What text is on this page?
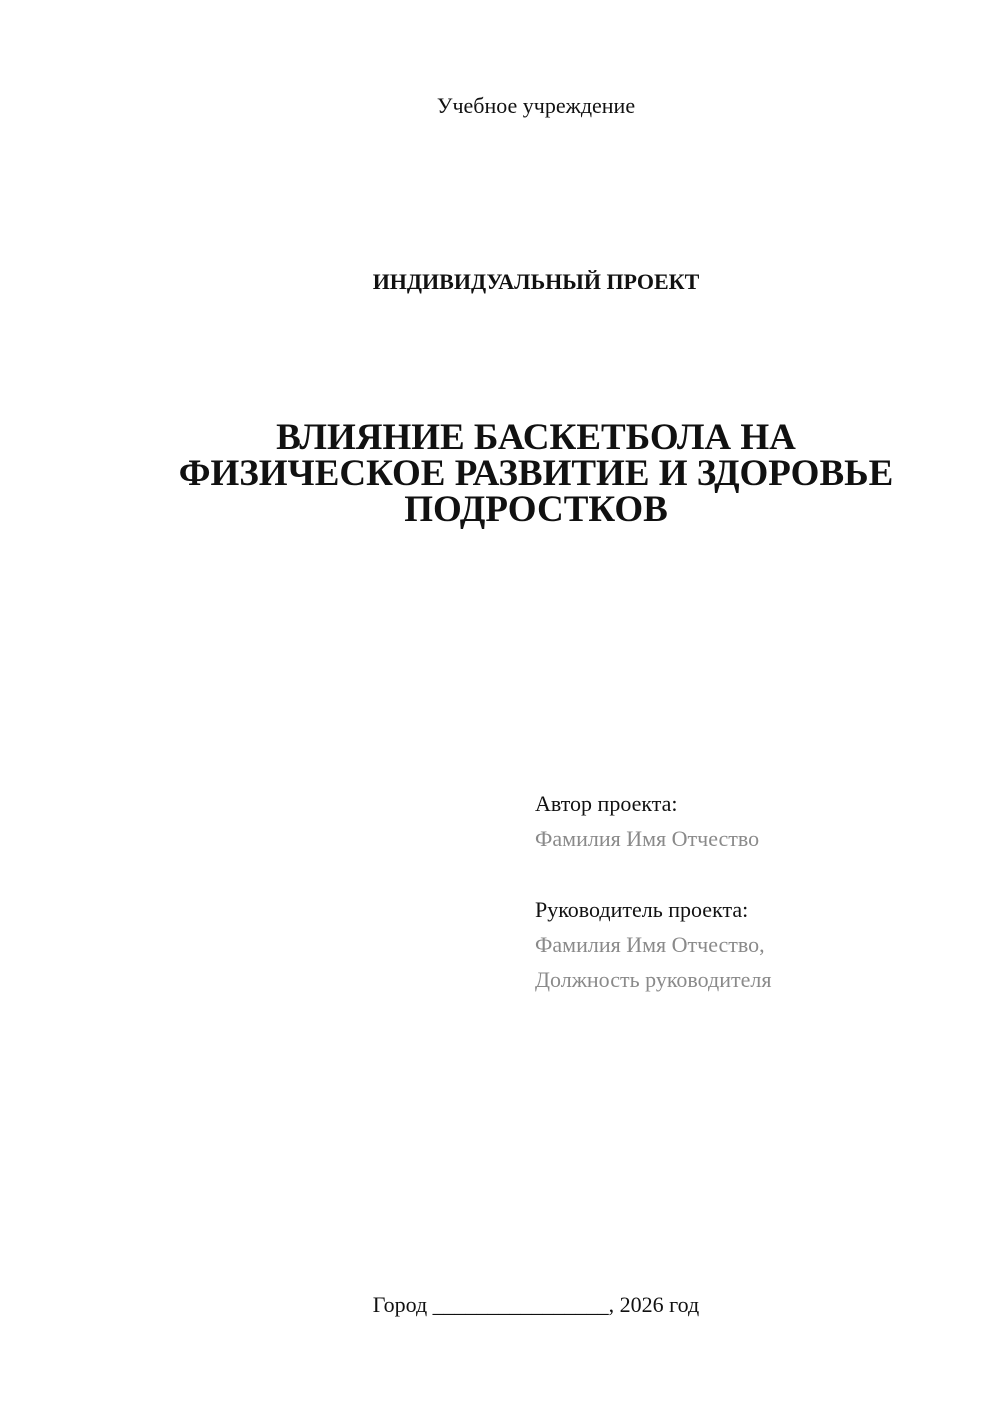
Учебное учреждение
ИНДИВИДУАЛЬНЫЙ ПРОЕКТ
ВЛИЯНИЕ БАСКЕТБОЛА НА
ФИЗИЧЕСКОЕ РАЗВИТИЕ И ЗДОРОВЬЕ
ПОДРОСТКОВ
Автор проекта:
Фамилия Имя Отчество
Руководитель проекта:
Фамилия Имя Отчество,
Должность руководителя
Город ________________, 2026 год
